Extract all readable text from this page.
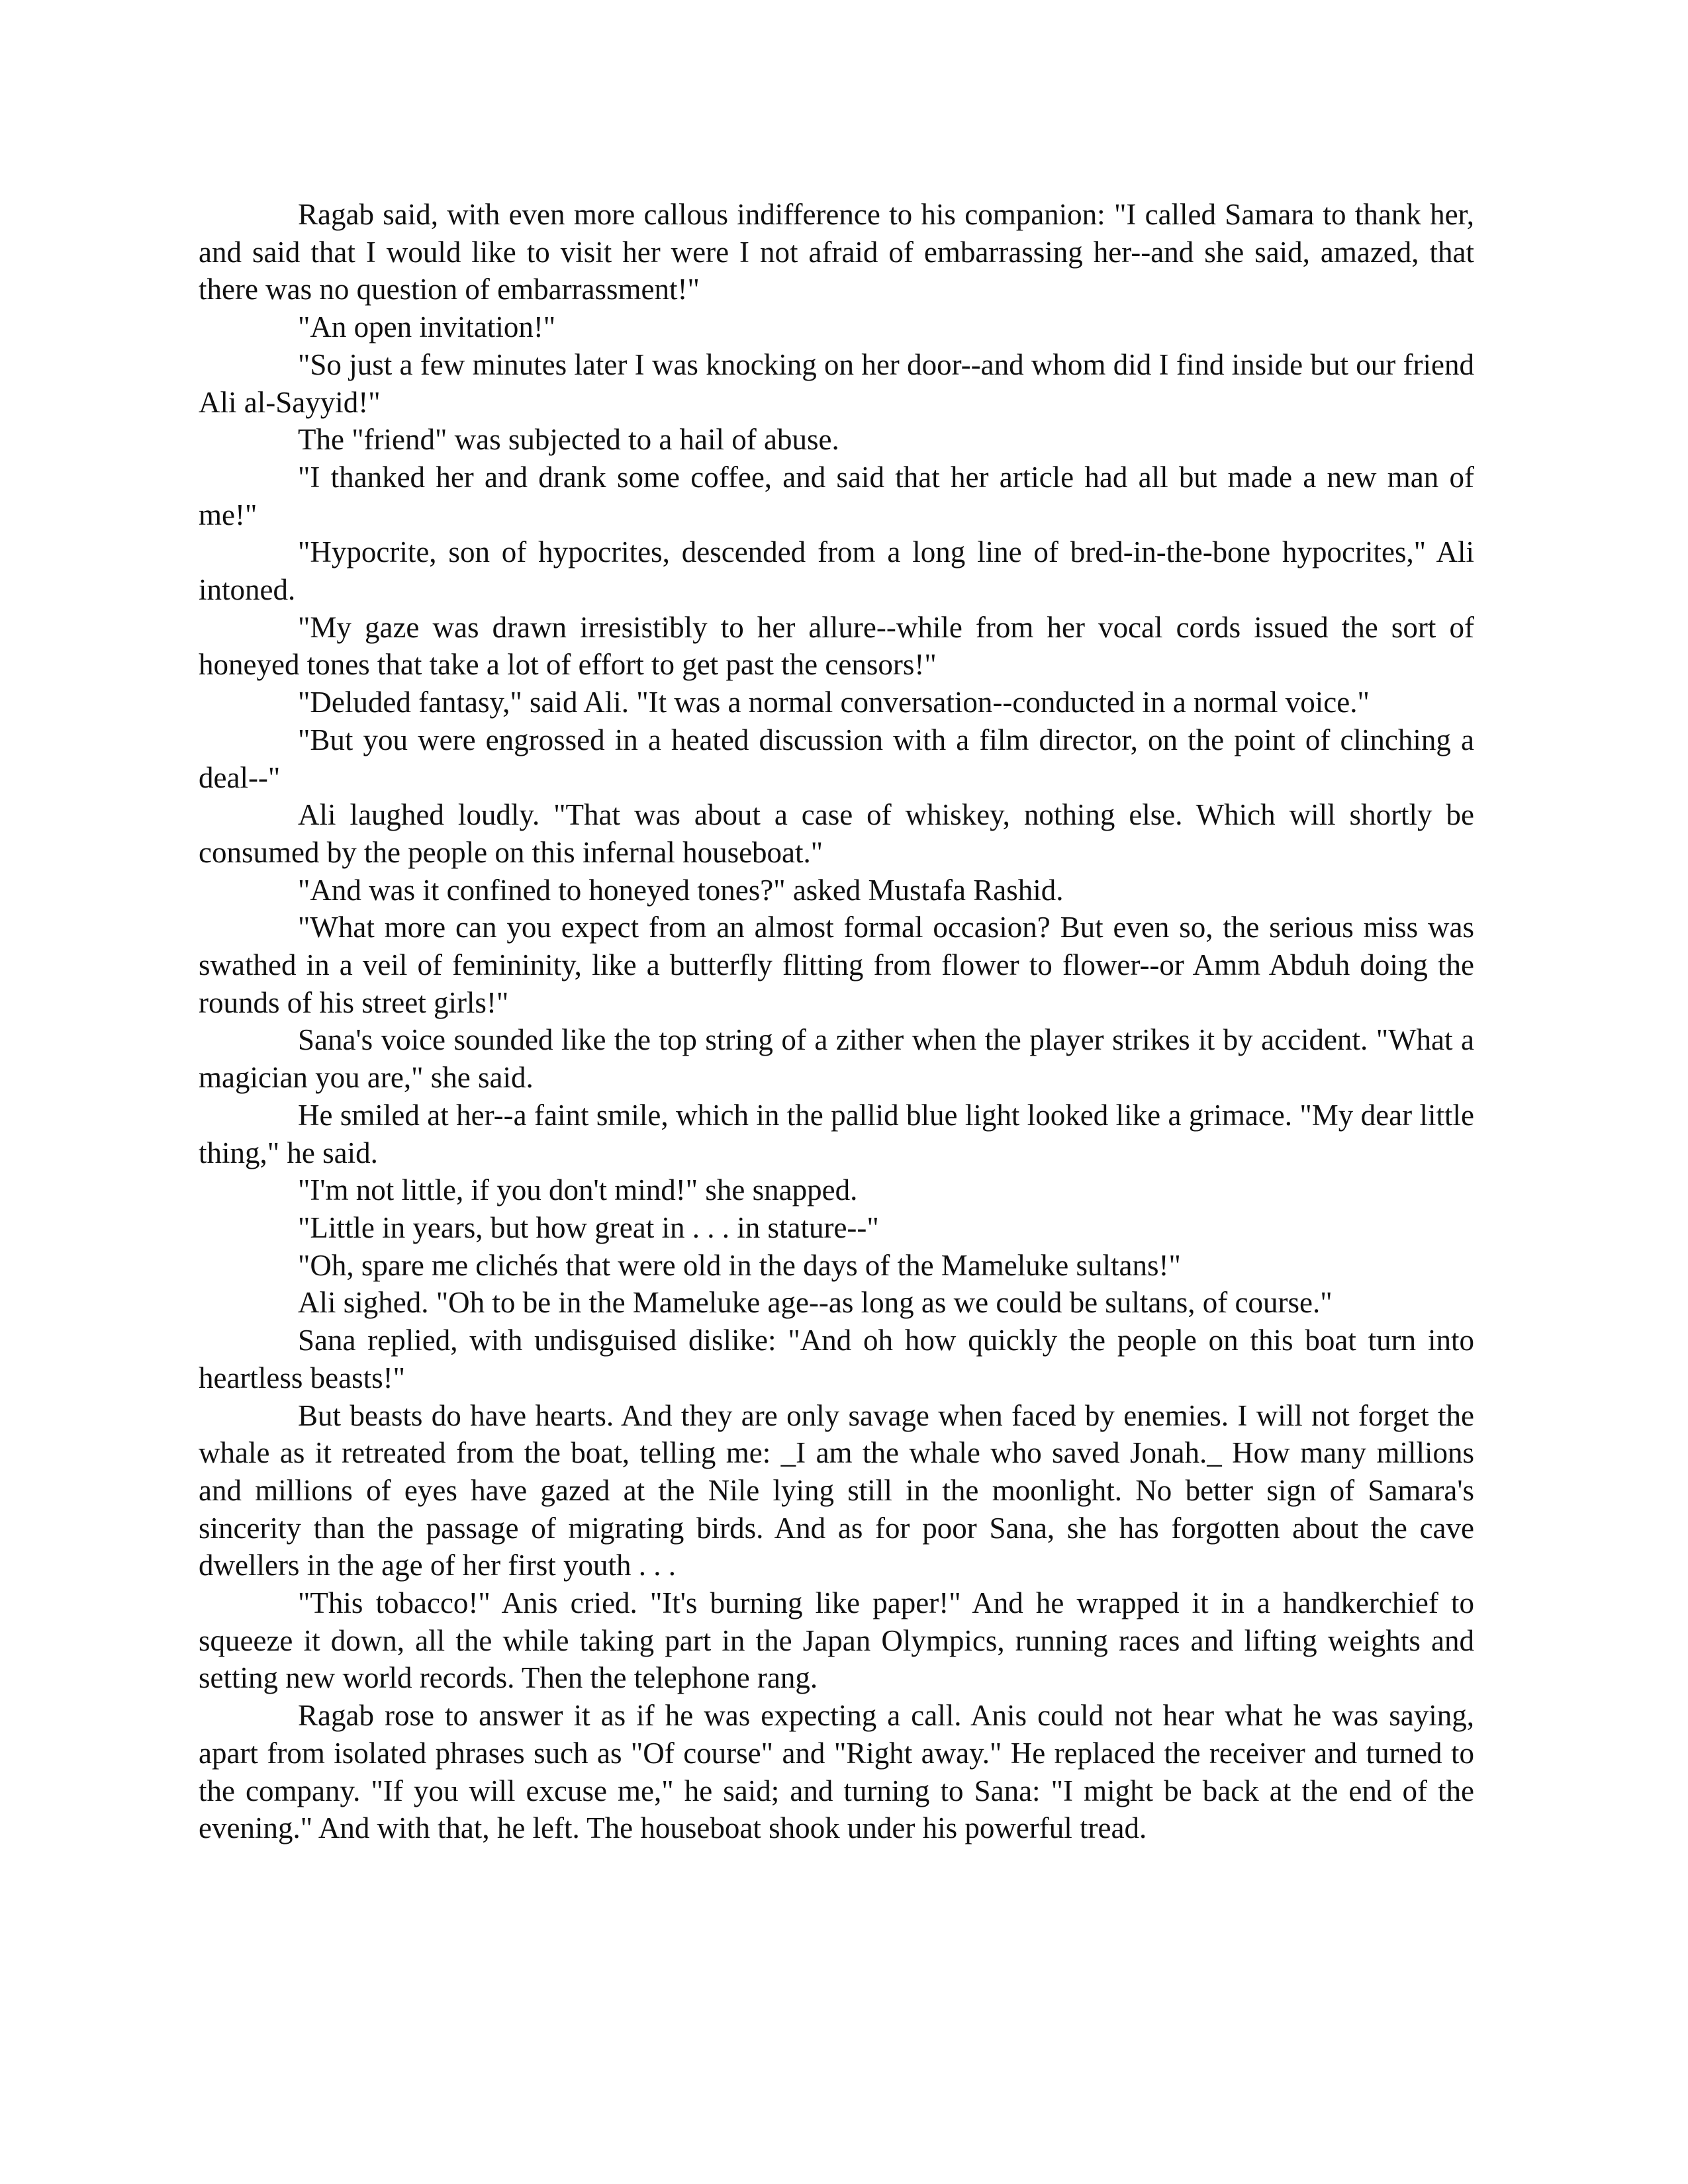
Ragab said, with even more callous indifference to his companion: "I called Samara to thank her, and said that I would like to visit her were I not afraid of embarrassing her--and she said, amazed, that there was no question of embarrassment!"

"An open invitation!"

"So just a few minutes later I was knocking on her door--and whom did I find inside but our friend Ali al-Sayyid!"

The "friend" was subjected to a hail of abuse.

"I thanked her and drank some coffee, and said that her article had all but made a new man of me!"

"Hypocrite, son of hypocrites, descended from a long line of bred-in-the-bone hypocrites," Ali intoned.

"My gaze was drawn irresistibly to her allure--while from her vocal cords issued the sort of honeyed tones that take a lot of effort to get past the censors!"

"Deluded fantasy," said Ali. "It was a normal conversation--conducted in a normal voice."

"But you were engrossed in a heated discussion with a film director, on the point of clinching a deal--"

Ali laughed loudly. "That was about a case of whiskey, nothing else. Which will shortly be consumed by the people on this infernal houseboat."

"And was it confined to honeyed tones?" asked Mustafa Rashid.

"What more can you expect from an almost formal occasion? But even so, the serious miss was swathed in a veil of femininity, like a butterfly flitting from flower to flower--or Amm Abduh doing the rounds of his street girls!"

Sana's voice sounded like the top string of a zither when the player strikes it by accident. "What a magician you are," she said.

He smiled at her--a faint smile, which in the pallid blue light looked like a grimace. "My dear little thing," he said.

"I'm not little, if you don't mind!" she snapped.

"Little in years, but how great in . . . in stature--"

"Oh, spare me clichés that were old in the days of the Mameluke sultans!"

Ali sighed. "Oh to be in the Mameluke age--as long as we could be sultans, of course."

Sana replied, with undisguised dislike: "And oh how quickly the people on this boat turn into heartless beasts!"

But beasts do have hearts. And they are only savage when faced by enemies. I will not forget the whale as it retreated from the boat, telling me: _I am the whale who saved Jonah._ How many millions and millions of eyes have gazed at the Nile lying still in the moonlight. No better sign of Samara's sincerity than the passage of migrating birds. And as for poor Sana, she has forgotten about the cave dwellers in the age of her first youth . . .

"This tobacco!" Anis cried. "It's burning like paper!" And he wrapped it in a handkerchief to squeeze it down, all the while taking part in the Japan Olympics, running races and lifting weights and setting new world records. Then the telephone rang.

Ragab rose to answer it as if he was expecting a call. Anis could not hear what he was saying, apart from isolated phrases such as "Of course" and "Right away." He replaced the receiver and turned to the company. "If you will excuse me," he said; and turning to Sana: "I might be back at the end of the evening." And with that, he left. The houseboat shook under his powerful tread.
